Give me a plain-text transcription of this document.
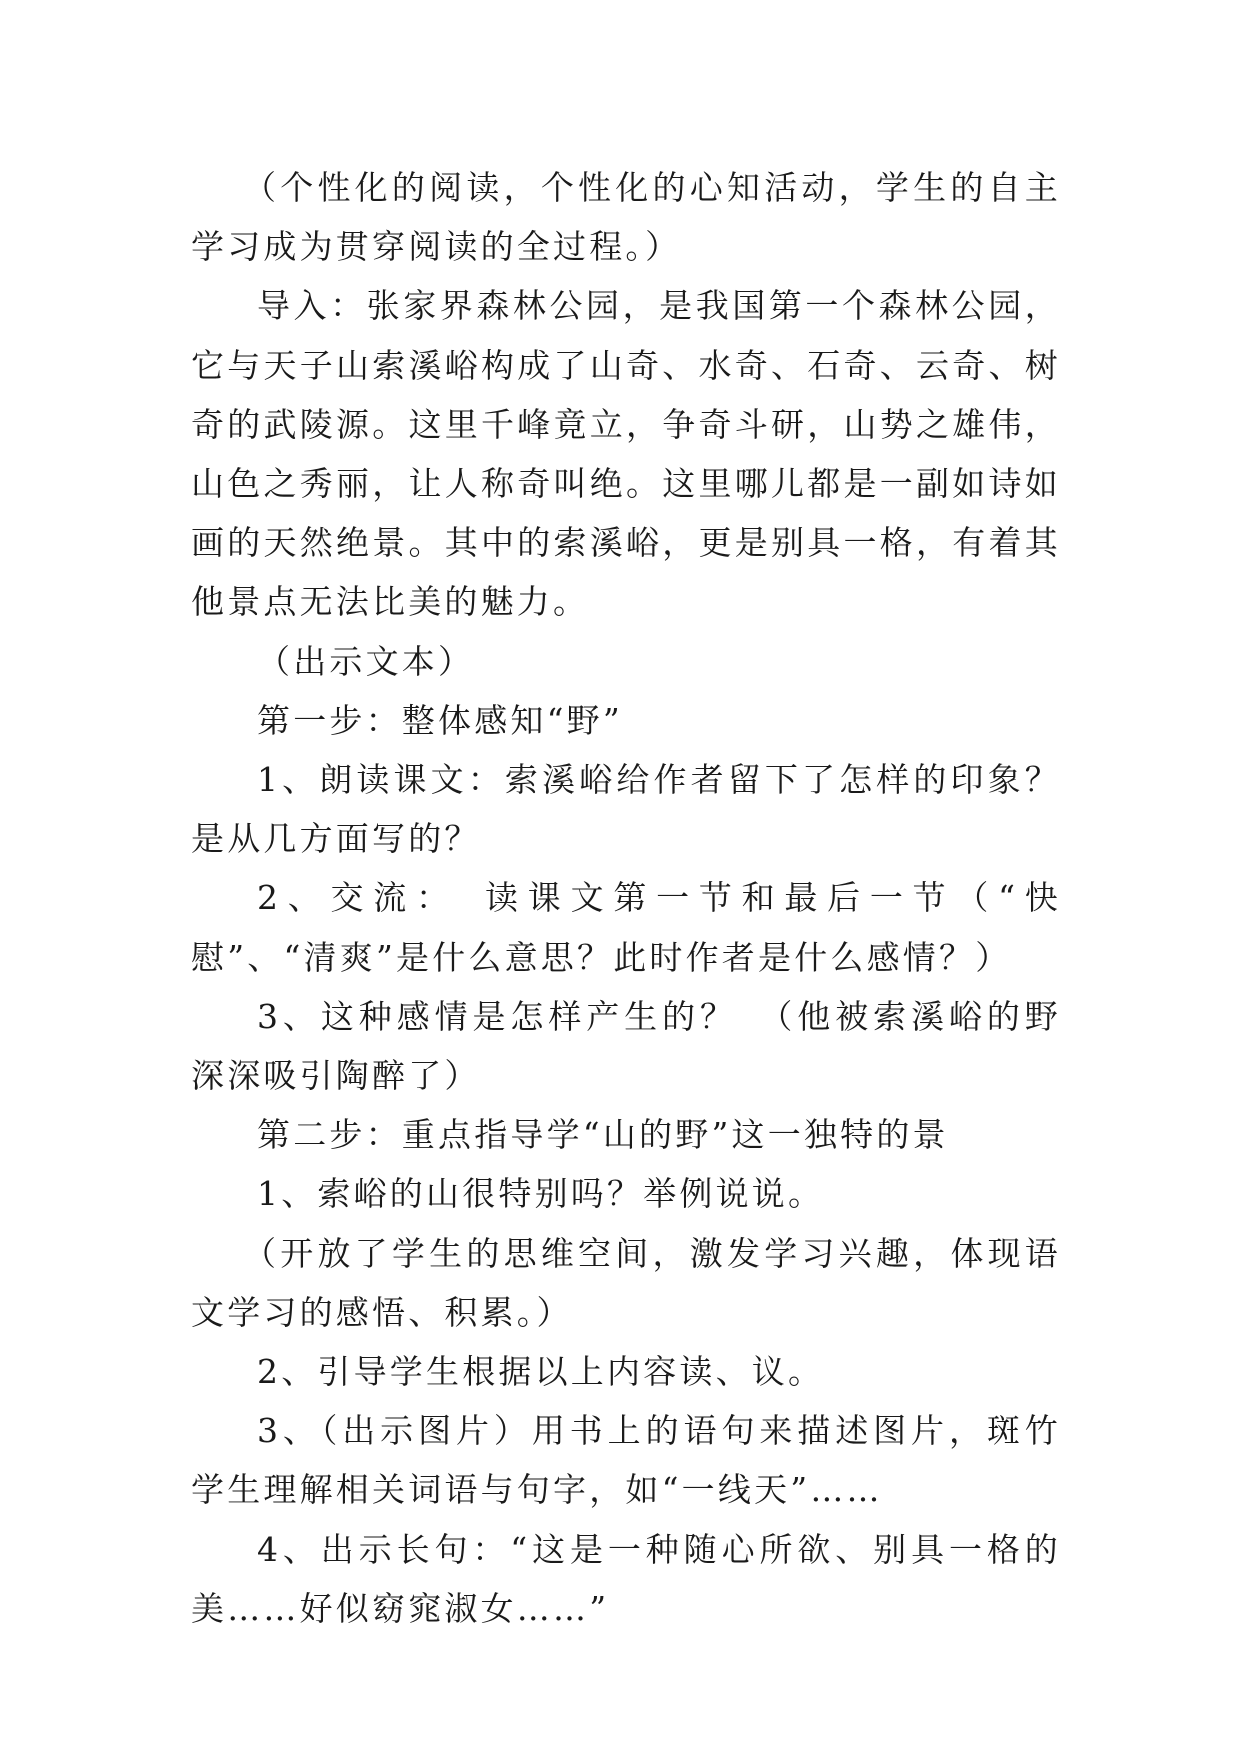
（个性化的阅读，个性化的心知活动，学生的自主学习成为贯穿阅读的全过程。）

导入：张家界森林公园，是我国第一个森林公园，它与天子山索溪峪构成了山奇、水奇、石奇、云奇、树奇的武陵源。这里千峰竟立，争奇斗研，山势之雄伟，山色之秀丽，让人称奇叫绝。这里哪儿都是一副如诗如画的天然绝景。其中的索溪峪，更是别具一格，有着其他景点无法比美的魅力。

（出示文本）

第一步：整体感知“野”

1、朗读课文：索溪峪给作者留下了怎样的印象？是从几方面写的？

2、交流：　读课文第一节和最后一节（“快慰”、“清爽”是什么意思？此时作者是什么感情？）

3、这种感情是怎样产生的？　（他被索溪峪的野深深吸引陶醉了）

第二步：重点指导学“山的野”这一独特的景

1、索峪的山很特别吗？举例说说。

（开放了学生的思维空间，激发学习兴趣，体现语文学习的感悟、积累。）

2、引导学生根据以上内容读、议。

3、（出示图片）用书上的语句来描述图片，斑竹学生理解相关词语与句字，如“一线天”……

4、出示长句：“这是一种随心所欲、别具一格的美……好似窈窕淑女……”
